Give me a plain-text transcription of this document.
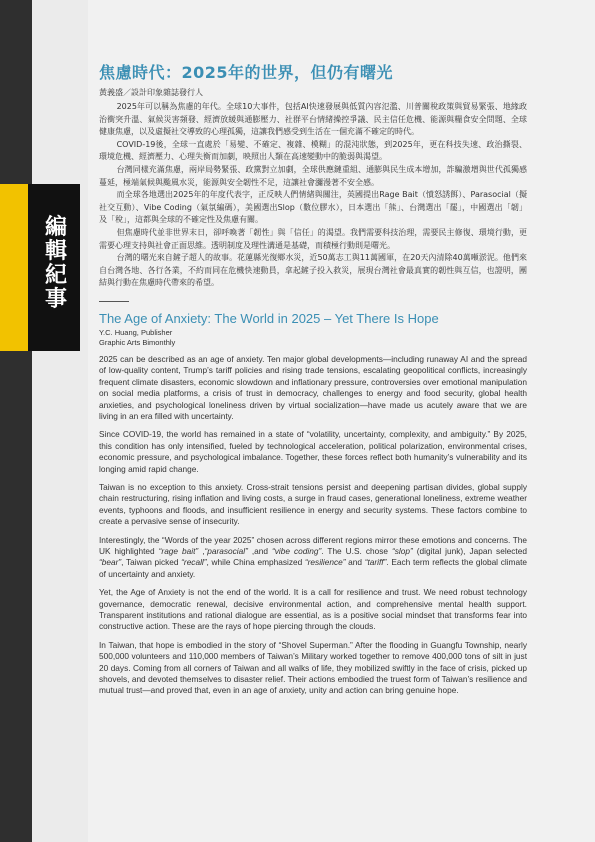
編
輯
紀
事
焦慮時代：2025年的世界，但仍有曙光

黃義盛／設計印象雜誌發行人

2025年可以稱為焦慮的年代。全球10大事件，包括AI快速發展與低質內容氾濫、川普關稅政策與貿易緊張、地緣政治衝突升溫、氣候災害頻發、經濟放緩與通膨壓力、社群平台情緒操控爭議、民主信任危機、能源與糧食安全問題、全球健康焦慮，以及虛擬社交導致的心理孤獨，這讓我們感受到生活在一個充滿不確定的時代。

COVID-19後，全球一直處於「易變、不確定、複雜、模糊」的混沌狀態，到2025年，更在科技失速、政治撕裂、環境危機、經濟壓力、心理失衡而加劇，映照出人類在高速變動中的脆弱與渴望。

台灣同樣充滿焦慮，兩岸局勢緊張、政黨對立加劇，全球供應鏈重組、通膨與民生成本增加，詐騙激增與世代孤獨感蔓延，極端氣候與颱風水災，能源與安全韌性不足，這讓社會瀰漫著不安全感。

而全球各地選出2025年的年度代表字，正反映人們情緒與關注，英國提出Rage Bait（憤怒誘餌）、Parasocial（擬社交互動）、Vibe Coding（氣氛編碼），美國選出Slop（數位膠水），日本選出「熊」、台灣選出「罷」，中國選出「韌」及「稅」，這都與全球的不確定性及焦慮有關。

但焦慮時代並非世界末日，卻呼喚著「韌性」與「信任」的渴望。我們需要科技治理，需要民主修復、環境行動，更需要心理支持與社會正面思維。透明制度及理性溝通是基礎，而積極行動則是曙光。

台灣的曙光來自鏟子超人的故事。花蓮縣光復鄉水災，近50萬志工與11萬國軍，在20天內清除40萬噸淤泥。他們來自台灣各地、各行各業，不約而同在危機快速動員，拿起鏟子投入救災，展現台灣社會最真實的韌性與互信，也證明，團結與行動在焦慮時代帶來的希望。

The Age of Anxiety: The World in 2025 – Yet There Is Hope

Y.C. Huang, Publisher

Graphic Arts Bimonthly

2025 can be described as an age of anxiety. Ten major global developments—including runaway AI and the spread of low-quality content, Trump’s tariff policies and rising trade tensions, escalating geopolitical conflicts, increasingly frequent climate disasters, economic slowdown and inflationary pressure, controversies over emotional manipulation on social media platforms, a crisis of trust in democracy, challenges to energy and food security, global health anxieties, and psychological loneliness driven by virtual socialization—have made us acutely aware that we are living in an era filled with uncertainty.

Since COVID-19, the world has remained in a state of “volatility, uncertainty, complexity, and ambiguity.” By 2025, this condition has only intensified, fueled by technological acceleration, political polarization, environmental crises, economic pressure, and psychological imbalance. Together, these forces reflect both humanity’s vulnerability and its longing amid rapid change.

Taiwan is no exception to this anxiety. Cross-strait tensions persist and deepening partisan divides, global supply chain restructuring, rising inflation and living costs, a surge in fraud cases, generational loneliness, extreme weather events, typhoons and floods, and insufficient resilience in energy and security systems. These factors combine to create a pervasive sense of insecurity.

Interestingly, the “Words of the year 2025” chosen across different regions mirror these emotions and concerns. The UK highlighted “rage bait” ,“parasocial” ,and “vibe coding”. The U.S. chose “slop” (digital junk), Japan selected “bear”, Taiwan picked “recall”, while China emphasized “resilience” and “tariff”. Each term reflects the global climate of uncertainty and anxiety.

Yet, the Age of Anxiety is not the end of the world. It is a call for resilience and trust. We need robust technology governance, democratic renewal, decisive environmental action, and comprehensive mental health support. Transparent institutions and rational dialogue are essential, as is a positive social mindset that transforms fear into constructive action. These are the rays of hope piercing through the clouds.

In Taiwan, that hope is embodied in the story of “Shovel Superman.” After the flooding in Guangfu Township, nearly 500,000 volunteers and 110,000 members of Taiwan’s Military worked together to remove 400,000 tons of silt in just 20 days. Coming from all corners of Taiwan and all walks of life, they mobilized swiftly in the face of crisis, picked up shovels, and devoted themselves to disaster relief. Their actions embodied the truest form of Taiwan’s resilience and mutual trust—and proved that, even in an age of anxiety, unity and action can bring genuine hope.
